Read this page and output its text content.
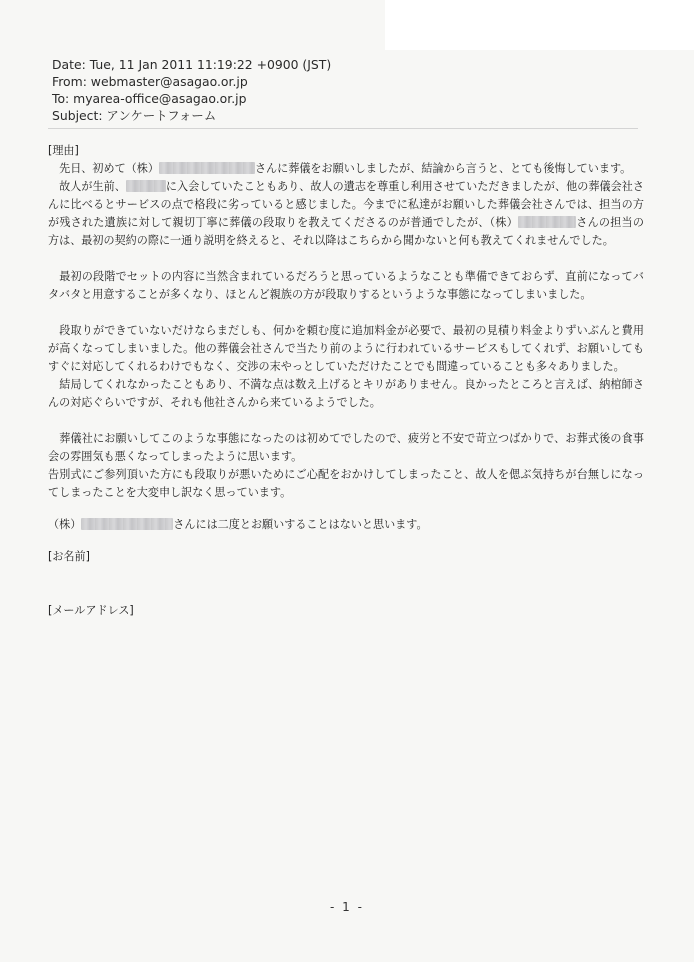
Date: Tue, 11 Jan 2011 11:19:22 +0900 (JST)
From: webmaster@asagao.or.jp
To: myarea-office@asagao.or.jp
Subject: アンケートフォーム

[理由]

　先日、初めて（株）	さんに葬儀をお願いしましたが、結論から言うと、とても後悔しています。

　故人が生前、	に入会していたこともあり、故人の遺志を尊重し利用させていただきましたが、他の葬儀会社さんに比べるとサービスの点で格段に劣っていると感じました。今までに私達がお願いした葬儀会社さんでは、担当の方が残された遺族に対して親切丁寧に葬儀の段取りを教えてくださるのが普通でしたが、（株）	さんの担当の方は、最初の契約の際に一通り説明を終えると、それ以降はこちらから聞かないと何も教えてくれませんでした。

　最初の段階でセットの内容に当然含まれているだろうと思っているようなことも準備できておらず、直前になってバタバタと用意することが多くなり、ほとんど親族の方が段取りするというような事態になってしまいました。

　段取りができていないだけならまだしも、何かを頼む度に追加料金が必要で、最初の見積り料金よりずいぶんと費用が高くなってしまいました。他の葬儀会社さんで当たり前のように行われているサービスもしてくれず、お願いしてもすぐに対応してくれるわけでもなく、交渉の末やっとしていただけたことでも間違っていることも多々ありました。

　結局してくれなかったこともあり、不満な点は数え上げるとキリがありません。良かったところと言えば、納棺師さんの対応ぐらいですが、それも他社さんから来ているようでした。

　葬儀社にお願いしてこのような事態になったのは初めてでしたので、疲労と不安で苛立つばかりで、お葬式後の食事会の雰囲気も悪くなってしまったように思います。

告別式にご参列頂いた方にも段取りが悪いためにご心配をおかけしてしまったこと、故人を偲ぶ気持ちが台無しになってしまったことを大変申し訳なく思っています。

（株）	さんには二度とお願いすることはないと思います。

[お名前]

[メールアドレス]

- 1 -
